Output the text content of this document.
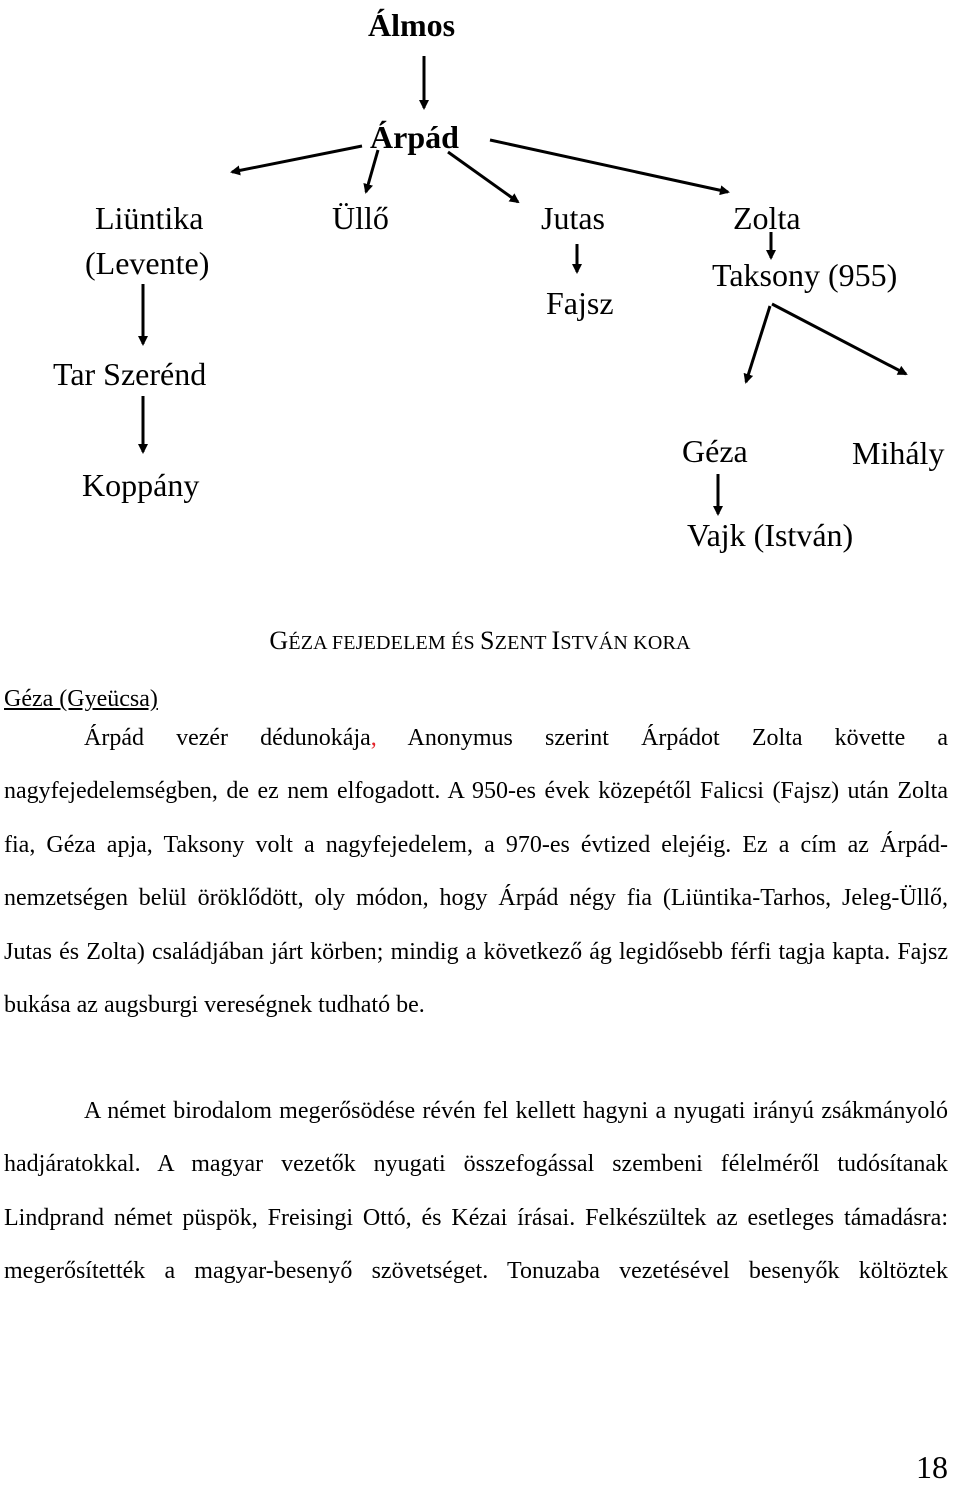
Álmos
Árpád
Liüntika
(Levente)
Üllő	Jutas	Zolta
Taksony (955)
Fajsz
Tar Szerénd
Koppány
Géza	Mihály
Vajk (István)
GÉZA FEJEDELEM ÉS SZENT ISTVÁN KORA
Géza (Gyeücsa)
Árpád vezér dédunokája, Anonymus szerint Árpádot Zolta követte a nagyfejedelemségben, de ez nem elfogadott. A 950-es évek közepétől Falicsi (Fajsz) után Zolta fia, Géza apja, Taksony volt a nagyfejedelem, a 970-es évtized elejéig. Ez a cím az Árpád-nemzetségen belül öröklődött, oly módon, hogy Árpád négy fia (Liüntika-Tarhos, Jeleg-Üllő, Jutas és Zolta) családjában járt körben; mindig a következő ág legidősebb férfi tagja kapta. Fajsz bukása az augsburgi vereségnek tudható be.
A német birodalom megerősödése révén fel kellett hagyni a nyugati irányú zsákmányoló hadjáratokkal. A magyar vezetők nyugati összefogással szembeni félelméről tudósítanak Lindprand német püspök, Freisingi Ottó, és Kézai írásai. Felkészültek az esetleges támadásra: megerősítették a magyar-besenyő szövetséget. Tonuzaba vezetésével besenyők költöztek
18
